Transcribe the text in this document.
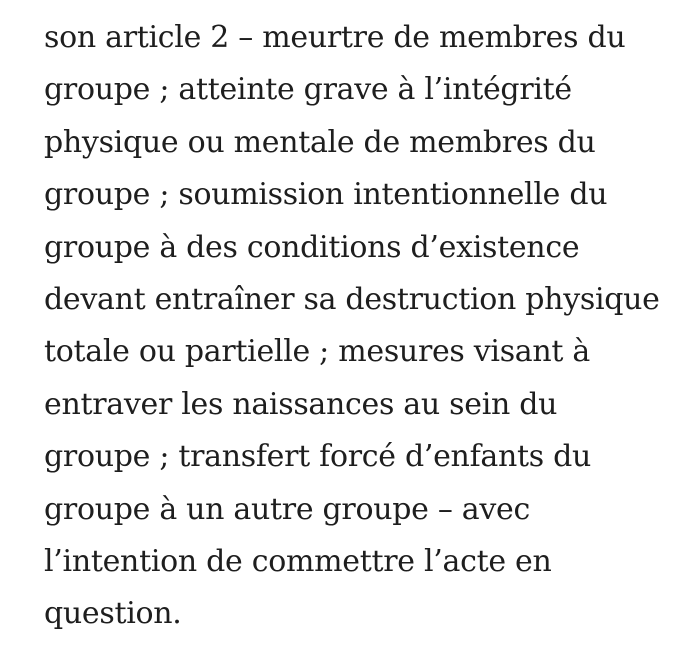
son article 2 – meurtre de membres du
groupe ; atteinte grave à l’intégrité
physique ou mentale de membres du
groupe ; soumission intentionnelle du
groupe à des conditions d’existence
devant entraîner sa destruction physique
totale ou partielle ; mesures visant à
entraver les naissances au sein du
groupe ; transfert forcé d’enfants du
groupe à un autre groupe – avec
l’intention de commettre l’acte en
question.
